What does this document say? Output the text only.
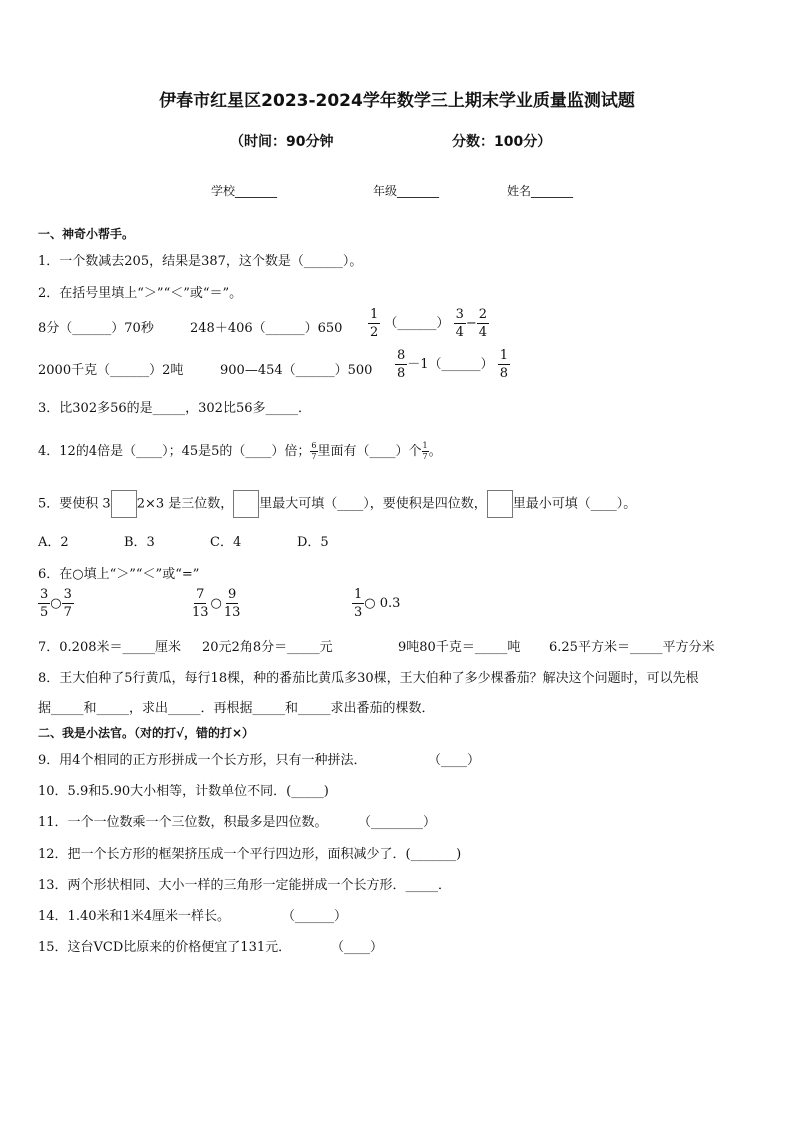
伊春市红星区2023-2024学年数学三上期末学业质量监测试题
（时间：90分钟	分数：100分）
学校_______	年级_______	姓名_______
一、神奇小帮手。
1．一个数减去205，结果是387，这个数是（______）。
2．在括号里填上“＞”“＜”或“＝”。
8分（______）70秒	248＋406（______）650 $\frac{1}{2}$ （______） $\frac{3}{4} - \frac{2}{4}$
2000千克（______）2吨	900—454（______）500 $\frac{8}{8}$ －1（______） $\frac{1}{8}$
3．比302多56的是_____，302比56多_____．
4．12的4倍是（____）；45是5的（____）倍； $\frac{6}{7}$ 里面有（____）个 $\frac{1}{7}$ 。
5．要使积 3 2×3 是三位数， 里最大可填（____），要使积是四位数， 里最小可填（____）。
A．2	B．3	C．4	D．5
6．在○填上“＞”“＜”或“=”
$\frac{3}{5}$ ○ $\frac{3}{7}$	$\frac{7}{13}$ ○ $\frac{9}{13}$	$\frac{1}{3}$ ○ 0.3
7．0.208米＝_____厘米 20元2角8分＝_____元	9吨80千克＝_____吨 6.25平方米＝_____平方分米
8．王大伯种了5行黄瓜，每行18棵，种的番茄比黄瓜多30棵，王大伯种了多少棵番茄？解决这个问题时，可以先根
据_____和_____，求出_____．再根据_____和_____求出番茄的棵数．
二、我是小法官。（对的打√，错的打×）
9．用4个相同的正方形拼成一个长方形，只有一种拼法．	（____）
10．5.9和5.90大小相等，计数单位不同．(_____)
11．一个一位数乘一个三位数，积最多是四位数。 （________）
12．把一个长方形的框架挤压成一个平行四边形，面积减少了．(_______)
13．两个形状相同、大小一样的三角形一定能拼成一个长方形．_____．
14．1.40米和1米4厘米一样长。	（______）
15．这台VCD比原来的价格便宜了131元．	（____）
